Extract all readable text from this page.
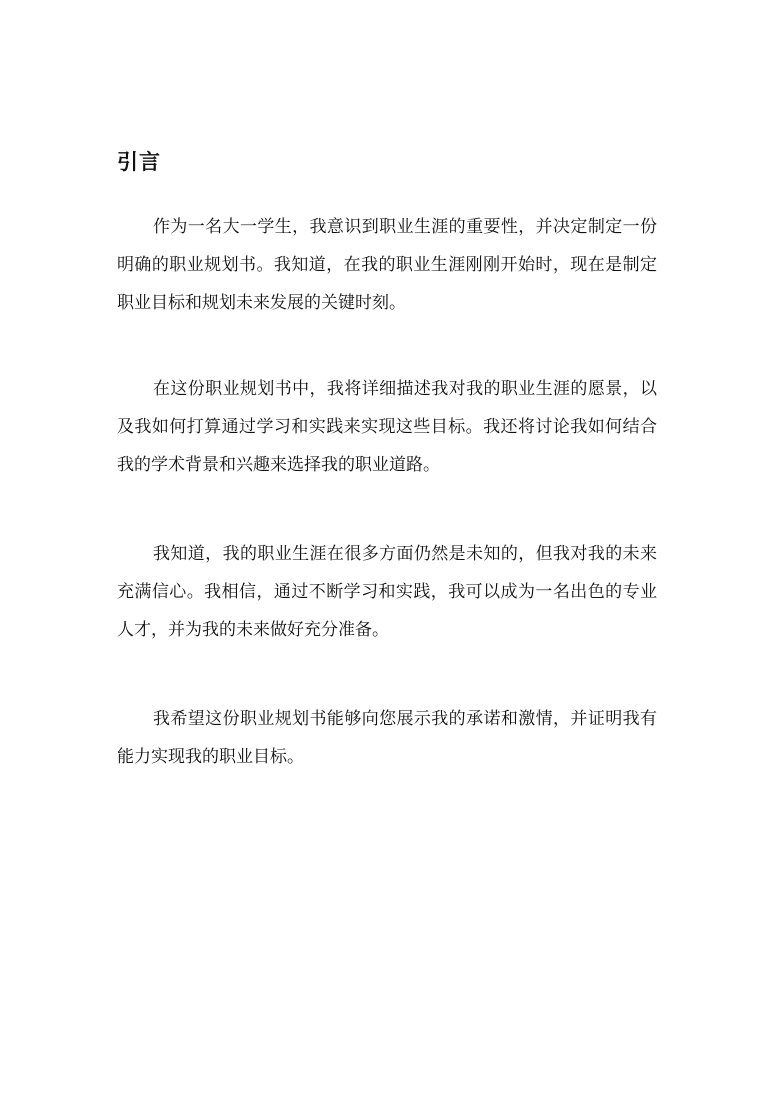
引言

作为一名大一学生，我意识到职业生涯的重要性，并决定制定一份明确的职业规划书。我知道，在我的职业生涯刚刚开始时，现在是制定职业目标和规划未来发展的关键时刻。

在这份职业规划书中，我将详细描述我对我的职业生涯的愿景，以及我如何打算通过学习和实践来实现这些目标。我还将讨论我如何结合我的学术背景和兴趣来选择我的职业道路。

我知道，我的职业生涯在很多方面仍然是未知的，但我对我的未来充满信心。我相信，通过不断学习和实践，我可以成为一名出色的专业人才，并为我的未来做好充分准备。

我希望这份职业规划书能够向您展示我的承诺和激情，并证明我有能力实现我的职业目标。
